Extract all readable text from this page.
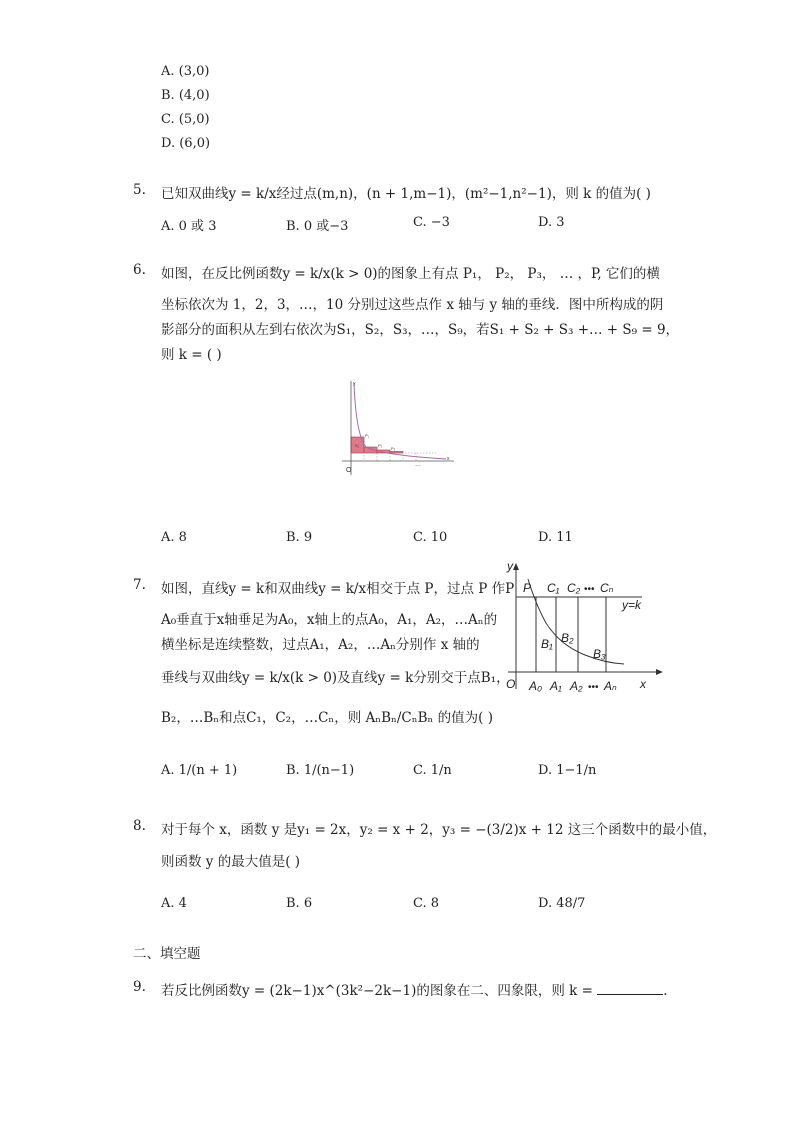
A. (3,0)
B. (4,0)
C. (5,0)
D. (6,0)
5. 已知双曲线y = k/x经过点(m,n)，(n + 1,m−1)，(m²−1,n²−1)，则 k 的值为( )
A. 0 或 3	B. 0 或−3	C. −3	D. 3
6. 如图，在反比例函数y = k/x(k > 0)的图象上有点 P₁， P₂， P₃， … ，P, 它们的横
坐标依次为 1，2，3，…，10 分别过这些点作 x 轴与 y 轴的垂线．图中所构成的阴
影部分的面积从左到右依次为S₁，S₂，S₃，…，S₉，若S₁ + S₂ + S₃ +… + S₉ = 9，
则 k = ( )
y
x
O
S₁
P₁
P₂
P₃
…
A. 8	B. 9	C. 10	D. 11
7. 如图，直线y = k和双曲线y = k/x相交于点 P，过点 P 作P
A₀垂直于x轴垂足为A₀，x轴上的点A₀，A₁，A₂，…Aₙ的
横坐标是连续整数，过点A₁，A₂，…Aₙ分别作 x 轴的
垂线与双曲线y = k/x(k > 0)及直线y = k分别交于点B₁，
B₂，…Bₙ和点C₁，C₂，…Cₙ，则 AₙBₙ/CₙBₙ 的值为( )
y
x
O
P
y=k
C₁ C₂ ••• Cₙ
B₁ B₂
B₃
A₀ A₁ A₂ ••• Aₙ
A. 1/(n + 1)	B. 1/(n−1)	C. 1/n	D. 1−1/n
8. 对于每个 x，函数 y 是y₁ = 2x，y₂ = x + 2，y₃ = −(3/2)x + 12 这三个函数中的最小值，
则函数 y 的最大值是( )
A. 4	B. 6	C. 8	D. 48/7
二、填空题
9. 若反比例函数y = (2k−1)x^(3k²−2k−1)的图象在二、四象限，则 k =	.
